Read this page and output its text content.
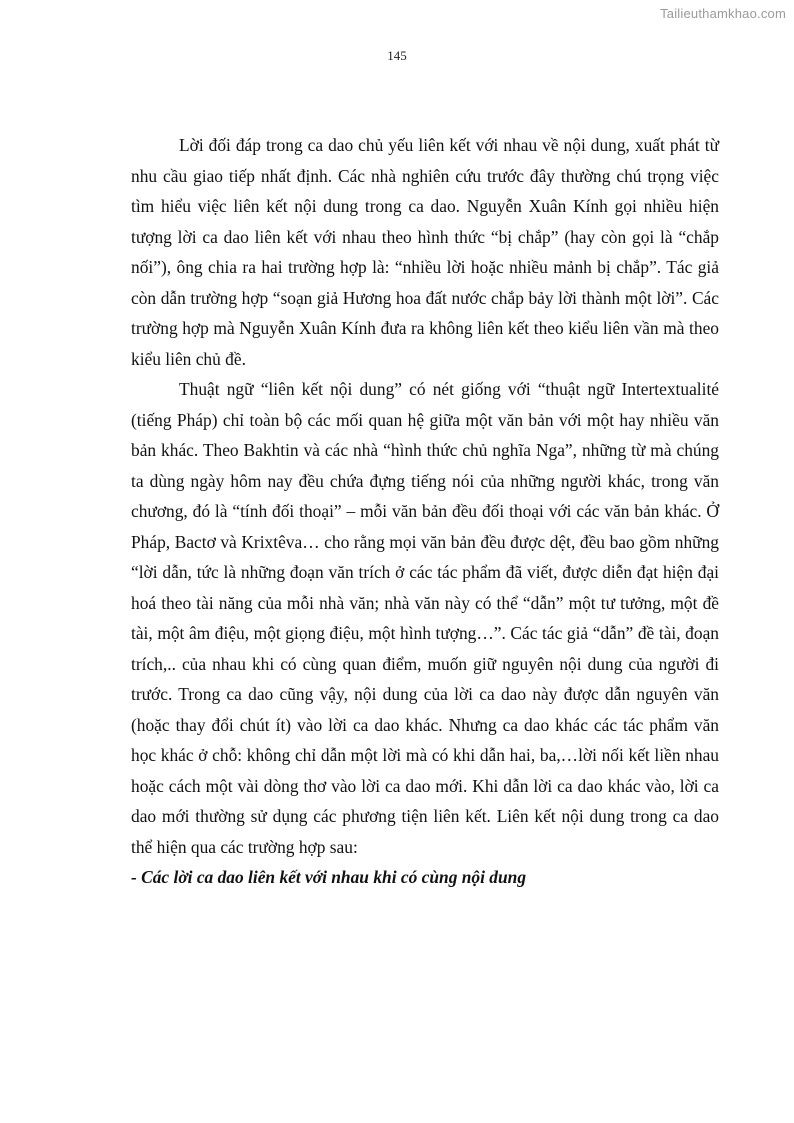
Tailieuthamkhao.com
145

Lời đối đáp trong ca dao chủ yếu liên kết với nhau về nội dung, xuất phát từ nhu cầu giao tiếp nhất định. Các nhà nghiên cứu trước đây thường chú trọng việc tìm hiểu việc liên kết nội dung trong ca dao. Nguyễn Xuân Kính gọi nhiều hiện tượng lời ca dao liên kết với nhau theo hình thức “bị chắp” (hay còn gọi là “chắp nối”), ông chia ra hai trường hợp là: “nhiều lời hoặc nhiều mảnh bị chắp”. Tác giả còn dẫn trường hợp “soạn giả Hương hoa đất nước chắp bảy lời thành một lời”. Các trường hợp mà Nguyễn Xuân Kính đưa ra không liên kết theo kiểu liên vần mà theo kiểu liên chủ đề.

Thuật ngữ “liên kết nội dung” có nét giống với “thuật ngữ Intertextualité (tiếng Pháp) chỉ toàn bộ các mối quan hệ giữa một văn bản với một hay nhiều văn bản khác. Theo Bakhtin và các nhà “hình thức chủ nghĩa Nga”, những từ mà chúng ta dùng ngày hôm nay đều chứa đựng tiếng nói của những người khác, trong văn chương, đó là “tính đối thoại” – mỗi văn bản đều đối thoại với các văn bản khác. Ở Pháp, Bactơ và Krixtêva… cho rằng mọi văn bản đều được dệt, đều bao gồm những “lời dẫn, tức là những đoạn văn trích ở các tác phẩm đã viết, được diễn đạt hiện đại hoá theo tài năng của mỗi nhà văn; nhà văn này có thể “dẫn” một tư tưởng, một đề tài, một âm điệu, một giọng điệu, một hình tượng…”. Các tác giả “dẫn” đề tài, đoạn trích,.. của nhau khi có cùng quan điểm, muốn giữ nguyên nội dung của người đi trước. Trong ca dao cũng vậy, nội dung của lời ca dao này được dẫn nguyên văn (hoặc thay đổi chút ít) vào lời ca dao khác. Nhưng ca dao khác các tác phẩm văn học khác ở chỗ: không chỉ dẫn một lời mà có khi dẫn hai, ba,…lời nối kết liền nhau hoặc cách một vài dòng thơ vào lời ca dao mới. Khi dẫn lời ca dao khác vào, lời ca dao mới thường sử dụng các phương tiện liên kết. Liên kết nội dung trong ca dao thể hiện qua các trường hợp sau:

- Các lời ca dao liên kết với nhau khi có cùng nội dung
